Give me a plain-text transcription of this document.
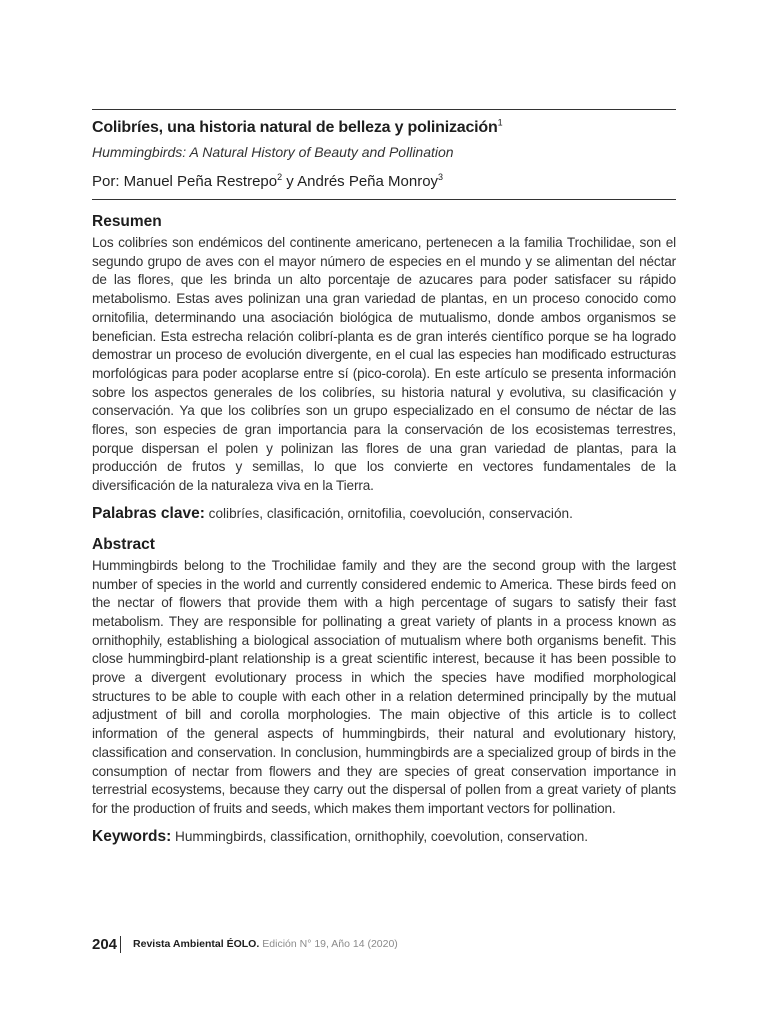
Colibríes, una historia natural de belleza y polinización$^1$
Hummingbirds: A Natural History of Beauty and Pollination
Por: Manuel Peña Restrepo$^2$ y Andrés Peña Monroy$^3$
Resumen
Los colibríes son endémicos del continente americano, pertenecen a la familia Trochilidae, son el segundo grupo de aves con el mayor número de especies en el mundo y se alimentan del néctar de las flores, que les brinda un alto porcentaje de azucares para poder satisfacer su rápido metabolismo. Estas aves polinizan una gran variedad de plantas, en un proceso conocido como ornitofilia, determinando una asociación biológica de mutualismo, donde ambos organismos se benefician. Esta estrecha relación colibrí-planta es de gran interés científico porque se ha logrado demostrar un proceso de evolución divergente, en el cual las especies han modificado estructuras morfológicas para poder acoplarse entre sí (pico-corola). En este artículo se presenta información sobre los aspectos generales de los colibríes, su historia natural y evolutiva, su clasificación y conservación. Ya que los colibríes son un grupo especializado en el consumo de néctar de las flores, son especies de gran importancia para la conservación de los ecosistemas terrestres, porque dispersan el polen y polinizan las flores de una gran variedad de plantas, para la producción de frutos y semillas, lo que los convierte en vectores fundamentales de la diversificación de la naturaleza viva en la Tierra.
Palabras clave: colibríes, clasificación, ornitofilia, coevolución, conservación.
Abstract
Hummingbirds belong to the Trochilidae family and they are the second group with the largest number of species in the world and currently considered endemic to America. These birds feed on the nectar of flowers that provide them with a high percentage of sugars to satisfy their fast metabolism. They are responsible for pollinating a great variety of plants in a process known as ornithophily, establishing a biological association of mutualism where both organisms benefit. This close hummingbird-plant relationship is a great scientific interest, because it has been possible to prove a divergent evolutionary process in which the species have modified morphological structures to be able to couple with each other in a relation determined principally by the mutual adjustment of bill and corolla morphologies. The main objective of this article is to collect information of the general aspects of hummingbirds, their natural and evolutionary history, classification and conservation. In conclusion, hummingbirds are a specialized group of birds in the consumption of nectar from flowers and they are species of great conservation importance in terrestrial ecosystems, because they carry out the dispersal of pollen from a great variety of plants for the production of fruits and seeds, which makes them important vectors for pollination.
Keywords: Hummingbirds, classification, ornithophily, coevolution, conservation.
204 Revista Ambiental ÉOLO. Edición N° 19, Año 14 (2020)
